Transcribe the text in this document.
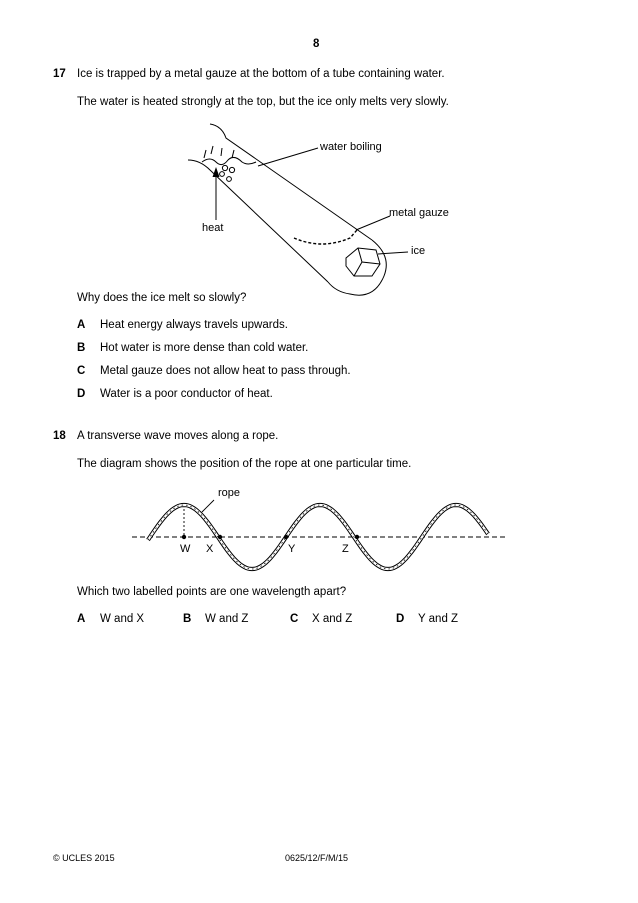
8
17 Ice is trapped by a metal gauze at the bottom of a tube containing water.
The water is heated strongly at the top, but the ice only melts very slowly.
water boiling
metal gauze
heat
ice
Why does the ice melt so slowly?
A Heat energy always travels upwards.
B Hot water is more dense than cold water.
C Metal gauze does not allow heat to pass through.
D Water is a poor conductor of heat.
18 A transverse wave moves along a rope.
The diagram shows the position of the rope at one particular time.
rope
W X	Y	Z
Which two labelled points are one wavelength apart?
A W and X	B W and Z	C X and Z	D Y and Z
© UCLES 2015	0625/12/F/M/15
